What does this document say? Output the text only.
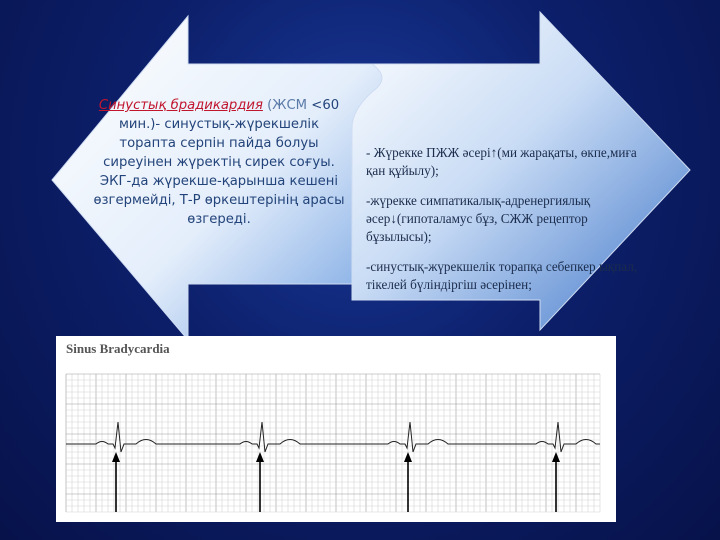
Синустық брадикардия (ЖСМ <60 мин.)- синустық-жүрекшелік торапта серпін пайда болуы сиреуінен жүректің сирек соғуы. ЭКГ-да жүрекше-қарынша кешені өзгермейді, Т-Р өркештерінің арасы өзгереді.

- Жүрекке ПЖЖ әсері↑(ми жарақаты, өкпе,миға қан құйылу);

-жүрекке симпатикалық-адренергиялық әсер↓(гипоталамус бұз, СЖЖ рецептор бұзылысы);

-синустық-жүрекшелік торапқа себепкер ықпал, тікелей бүліндіргіш әсерінен;

Sinus Bradycardia
